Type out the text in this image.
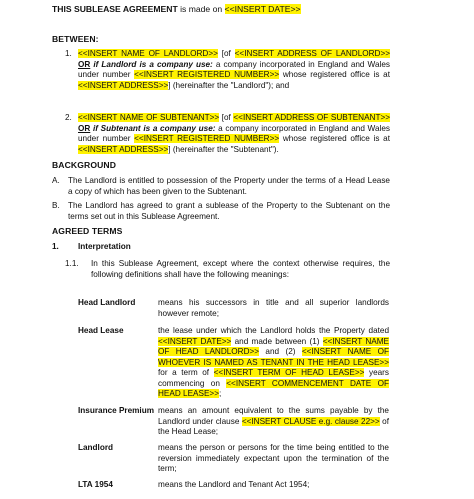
THIS SUBLEASE AGREEMENT is made on <<INSERT DATE>>
BETWEEN:
1. <<INSERT NAME OF LANDLORD>> [of <<INSERT ADDRESS OF LANDLORD>> OR if Landlord is a company use: a company incorporated in England and Wales under number <<INSERT REGISTERED NUMBER>> whose registered office is at <<INSERT ADDRESS>>] (hereinafter the "Landlord"); and
2. <<INSERT NAME OF SUBTENANT>> [of <<INSERT ADDRESS OF SUBTENANT>> OR if Subtenant is a company use: a company incorporated in England and Wales under number <<INSERT REGISTERED NUMBER>> whose registered office is at <<INSERT ADDRESS>>] (hereinafter the "Subtenant").
BACKGROUND
A. The Landlord is entitled to possession of the Property under the terms of a Head Lease a copy of which has been given to the Subtenant.
B. The Landlord has agreed to grant a sublease of the Property to the Subtenant on the terms set out in this Sublease Agreement.
AGREED TERMS
1. Interpretation
1.1. In this Sublease Agreement, except where the context otherwise requires, the following definitions shall have the following meanings:
Head Landlord	means his successors in title and all superior landlords however remote;
Head Lease	the lease under which the Landlord holds the Property dated <<INSERT DATE>> and made between (1) <<INSERT NAME OF HEAD LANDLORD>> and (2) <<INSERT NAME OF WHOEVER IS NAMED AS TENANT IN THE HEAD LEASE>> for a term of <<INSERT TERM OF HEAD LEASE>> years commencing on <<INSERT COMMENCEMENT DATE OF HEAD LEASE>>;
Insurance Premium means an amount equivalent to the sums payable by the Landlord under clause <<INSERT CLAUSE e.g. clause 22>> of the Head Lease;
Landlord	means the person or persons for the time being entitled to the reversion immediately expectant upon the termination of the term;
LTA 1954	means the Landlord and Tenant Act 1954;
